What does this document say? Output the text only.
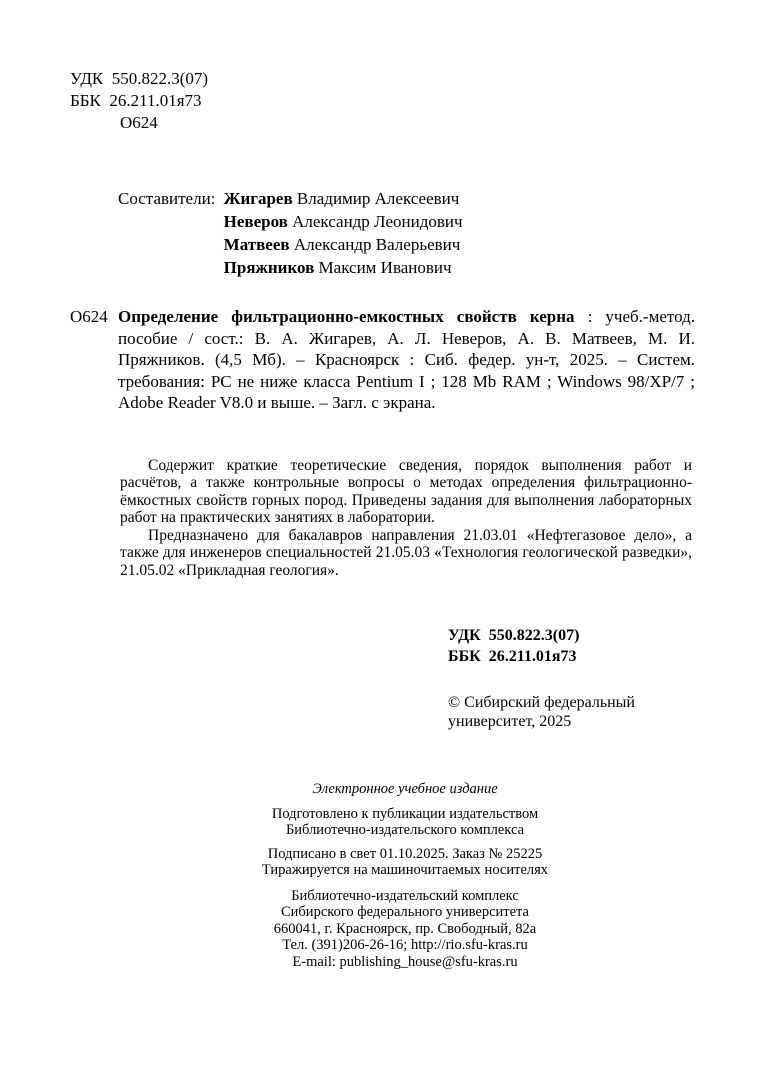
УДК  550.822.3(07)
ББК  26.211.01я73
О624
Составители: Жигарев Владимир Алексеевич
Неверов Александр Леонидович
Матвеев Александр Валерьевич
Пряжников Максим Иванович
О624 Определение фильтрационно-емкостных свойств керна : учеб.-метод. пособие / сост.: В. А. Жигарев, А. Л. Неверов, А. В. Матвеев, М. И. Пряжников. (4,5 Мб). – Красноярск : Сиб. федер. ун-т, 2025. – Систем. требования: PC не ниже класса Pentium I ; 128 Mb RAM ; Windows 98/XP/7 ; Adobe Reader V8.0 и выше. – Загл. с экрана.

Содержит краткие теоретические сведения, порядок выполнения работ и расчётов, а также контрольные вопросы о методах определения фильтрационно-ёмкостных свойств горных пород. Приведены задания для выполнения лабораторных работ на практических занятиях в лаборатории.

Предназначено для бакалавров направления 21.03.01 «Нефтегазовое дело», а также для инженеров специальностей 21.05.03 «Технология геологической разведки», 21.05.02 «Прикладная геология».

УДК  550.822.3(07)
ББК  26.211.01я73
© Сибирский федеральный
университет, 2025
Электронное учебное издание
Подготовлено к публикации издательством
Библиотечно-издательского комплекса
Подписано в свет 01.10.2025. Заказ № 25225
Тиражируется на машиночитаемых носителях
Библиотечно-издательский комплекс
Сибирского федерального университета
660041, г. Красноярск, пр. Свободный, 82а
Тел. (391)206-26-16; http://rio.sfu-kras.ru
E-mail: publishing_house@sfu-kras.ru
